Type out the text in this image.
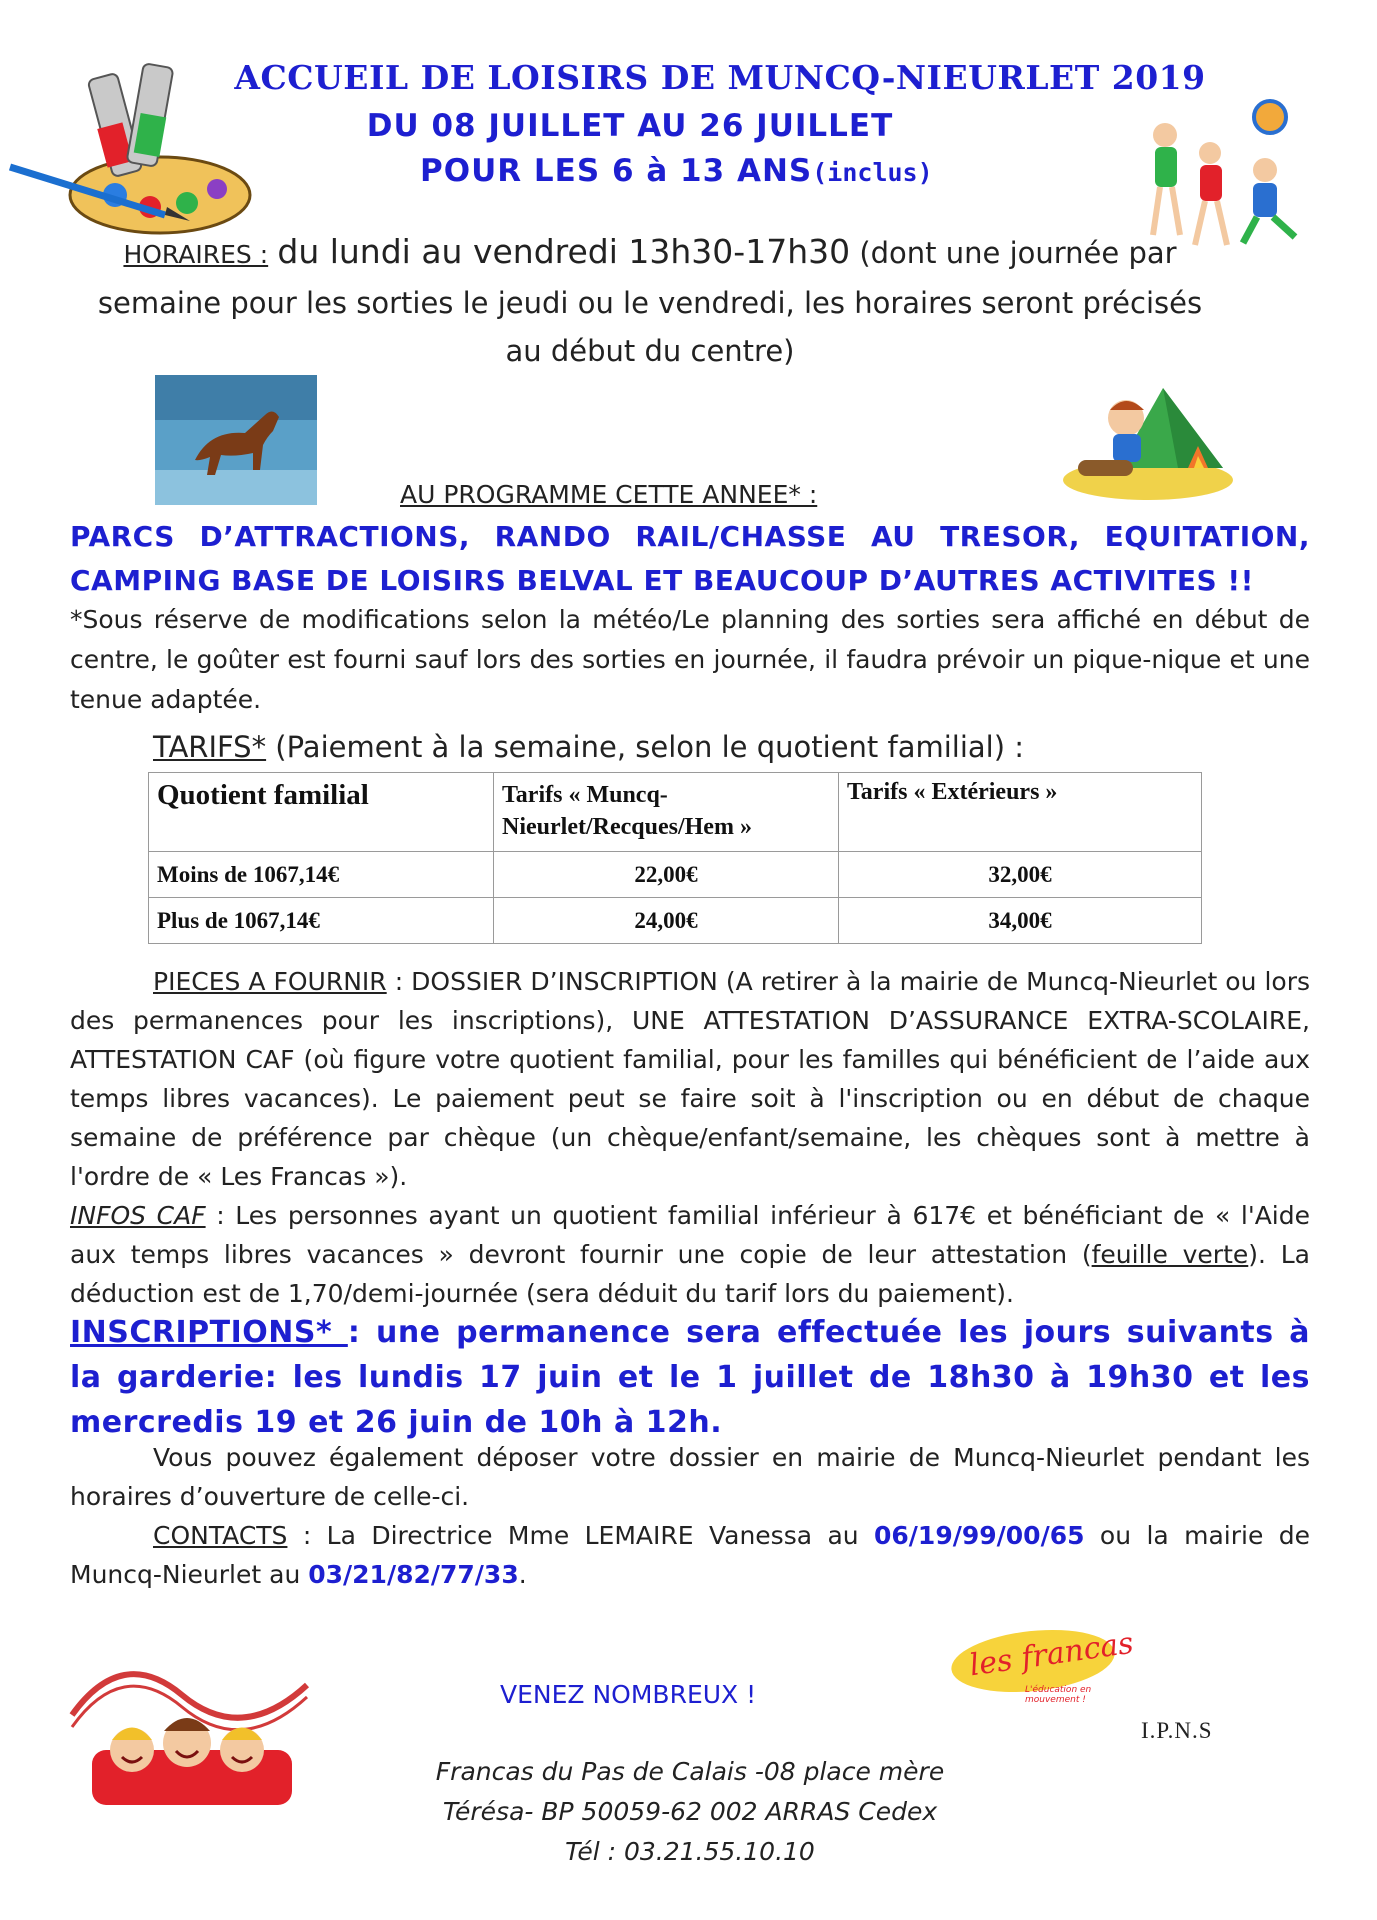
ACCUEIL DE LOISIRS DE MUNCQ-NIEURLET 2019
DU 08 JUILLET AU 26 JUILLET
POUR LES 6 à 13 ANS(inclus)
HORAIRES : du lundi au vendredi 13h30-17h30 (dont une journée par semaine pour les sorties le jeudi ou le vendredi, les horaires seront précisés au début du centre)
AU PROGRAMME CETTE ANNEE* :
PARCS D’ATTRACTIONS, RANDO RAIL/CHASSE AU TRESOR, EQUITATION,
CAMPING BASE DE LOISIRS BELVAL ET BEAUCOUP D’AUTRES ACTIVITES !!
*Sous réserve de modifications selon la météo/Le planning des sorties sera affiché en début de centre, le goûter est fourni sauf lors des sorties en journée, il faudra prévoir un pique-nique et une tenue adaptée.
TARIFS* (Paiement à la semaine, selon le quotient familial) :
Quotient familial	Tarifs « Muncq-Nieurlet/Recques/Hem »	Tarifs « Extérieurs »
Moins de 1067,14€	22,00€	32,00€
Plus de 1067,14€	24,00€	34,00€
PIECES A FOURNIR : DOSSIER D’INSCRIPTION (A retirer à la mairie de Muncq-Nieurlet ou lors des permanences pour les inscriptions), UNE ATTESTATION D’ASSURANCE EXTRA-SCOLAIRE, ATTESTATION CAF (où figure votre quotient familial, pour les familles qui bénéficient de l’aide aux temps libres vacances). Le paiement peut se faire soit à l'inscription ou en début de chaque semaine de préférence par chèque (un chèque/enfant/semaine, les chèques sont à mettre à l'ordre de « Les Francas »).
INFOS CAF : Les personnes ayant un quotient familial inférieur à 617€ et bénéficiant de « l'Aide aux temps libres vacances » devront fournir une copie de leur attestation (feuille verte). La déduction est de 1,70/demi-journée (sera déduit du tarif lors du paiement).
INSCRIPTIONS* : une permanence sera effectuée les jours suivants à la garderie: les lundis 17 juin et le 1 juillet de 18h30 à 19h30 et les mercredis 19 et 26 juin de 10h à 12h.
Vous pouvez également déposer votre dossier en mairie de Muncq-Nieurlet pendant les horaires d’ouverture de celle-ci.
CONTACTS : La Directrice Mme LEMAIRE Vanessa au 06/19/99/00/65 ou la mairie de Muncq-Nieurlet au 03/21/82/77/33.
les francas
L'éducation en mouvement !
VENEZ NOMBREUX !
I.P.N.S
Francas du Pas de Calais -08 place mère
Térésa- BP 50059-62 002 ARRAS Cedex
Tél : 03.21.55.10.10
